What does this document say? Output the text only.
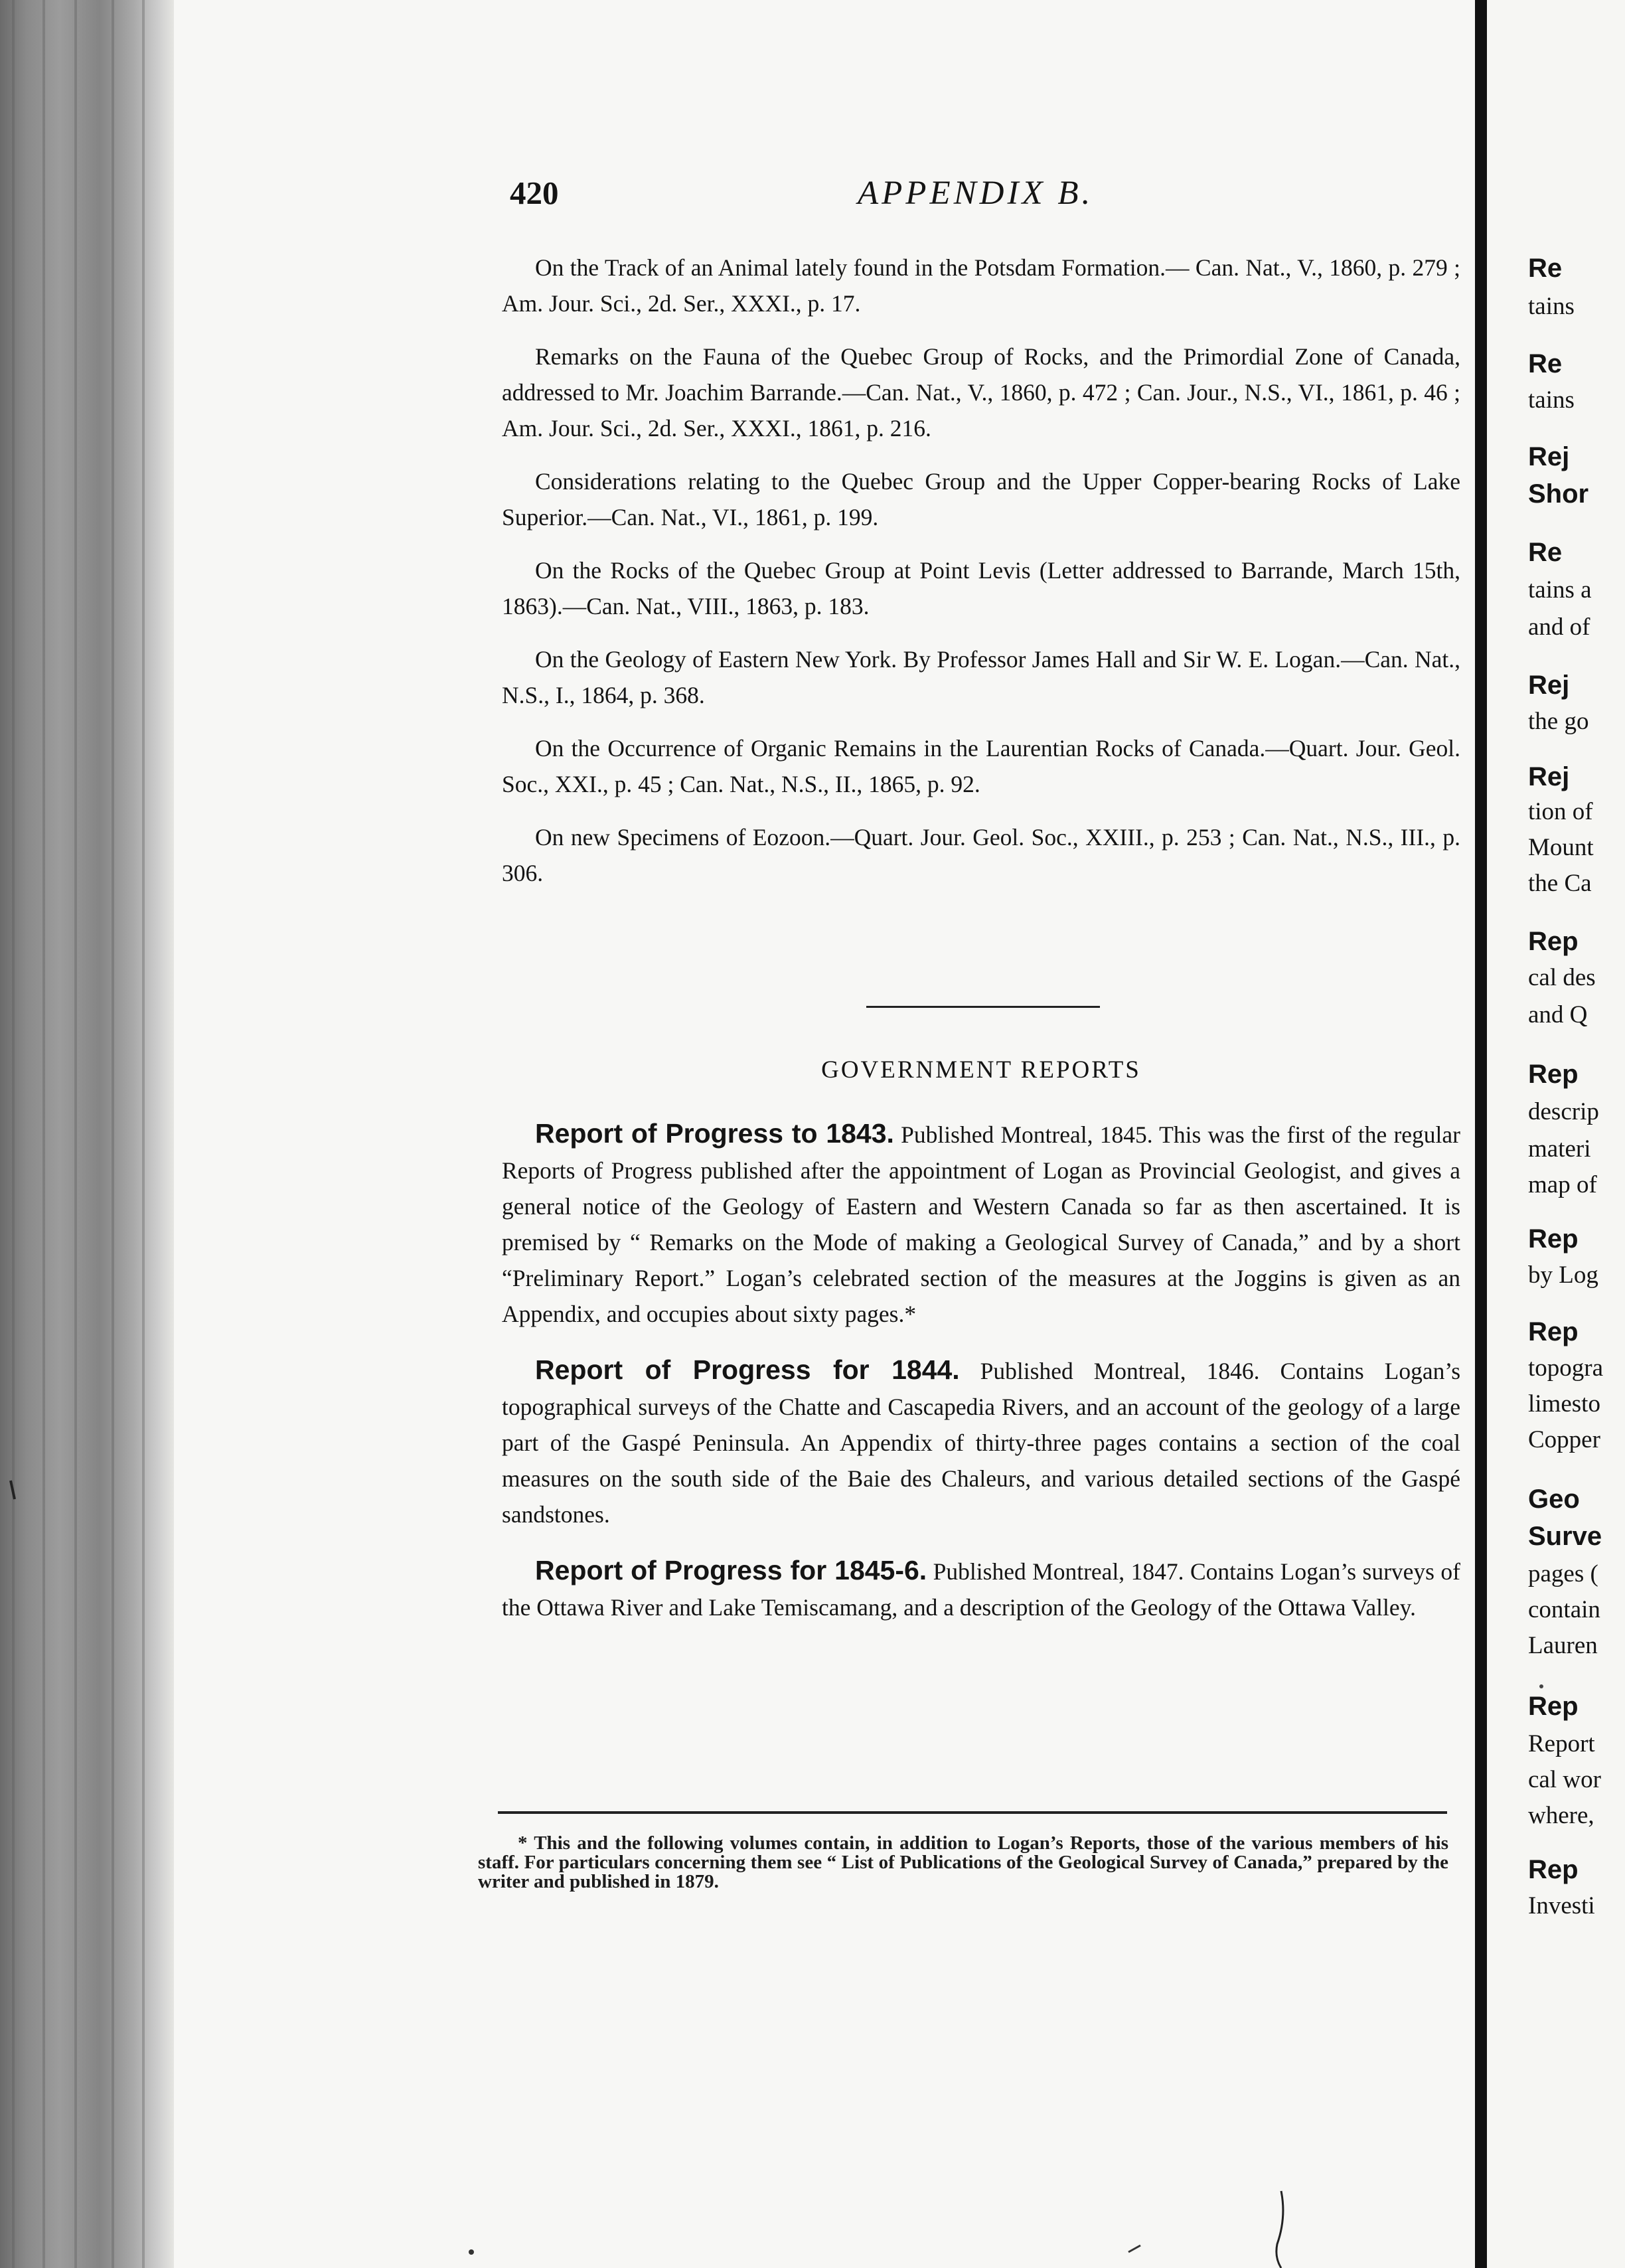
420	APPENDIX B.

On the Track of an Animal lately found in the Potsdam Formation.— Can. Nat., V., 1860, p. 279 ; Am. Jour. Sci., 2d. Ser., XXXI., p. 17.

Remarks on the Fauna of the Quebec Group of Rocks, and the Primordial Zone of Canada, addressed to Mr. Joachim Barrande.—Can. Nat., V., 1860, p. 472 ; Can. Jour., N.S., VI., 1861, p. 46 ; Am. Jour. Sci., 2d. Ser., XXXI., 1861, p. 216.

Considerations relating to the Quebec Group and the Upper Copper-bearing Rocks of Lake Superior.—Can. Nat., VI., 1861, p. 199.

On the Rocks of the Quebec Group at Point Levis (Letter addressed to Barrande, March 15th, 1863).—Can. Nat., VIII., 1863, p. 183.

On the Geology of Eastern New York. By Professor James Hall and Sir W. E. Logan.—Can. Nat., N.S., I., 1864, p. 368.

On the Occurrence of Organic Remains in the Laurentian Rocks of Canada.—Quart. Jour. Geol. Soc., XXI., p. 45 ; Can. Nat., N.S., II., 1865, p. 92.

On new Specimens of Eozoon.—Quart. Jour. Geol. Soc., XXIII., p. 253 ; Can. Nat., N.S., III., p. 306.

GOVERNMENT REPORTS

Report of Progress to 1843. Published Montreal, 1845. This was the first of the regular Reports of Progress published after the appointment of Logan as Provincial Geologist, and gives a general notice of the Geology of Eastern and Western Canada so far as then ascertained. It is premised by “ Remarks on the Mode of making a Geological Survey of Canada,” and by a short “Preliminary Report.” Logan’s celebrated section of the measures at the Joggins is given as an Appendix, and occupies about sixty pages.*

Report of Progress for 1844. Published Montreal, 1846. Contains Logan’s topographical surveys of the Chatte and Cascapedia Rivers, and an account of the geology of a large part of the Gaspé Peninsula. An Appendix of thirty-three pages contains a section of the coal measures on the south side of the Baie des Chaleurs, and various detailed sections of the Gaspé sandstones.

Report of Progress for 1845-6. Published Montreal, 1847. Contains Logan’s surveys of the Ottawa River and Lake Temiscamang, and a description of the Geology of the Ottawa Valley.

* This and the following volumes contain, in addition to Logan’s Reports, those of the various members of his staff. For particulars concerning them see “ List of Publications of the Geological Survey of Canada,” prepared by the writer and published in 1879.

Re
tains
Re
tains
Rej
Shor
Re
tains a
and of
Rej
the go
Rej
tion of
Mount
the Ca
Rep
cal des
and Q
Rep
descrip
materi
map of
Rep
by Log
Rep
topogra
limesto
Copper
Geo
Surve
pages (
contain
Lauren
Rep
Report
cal wor
where,
Rep
Investi
